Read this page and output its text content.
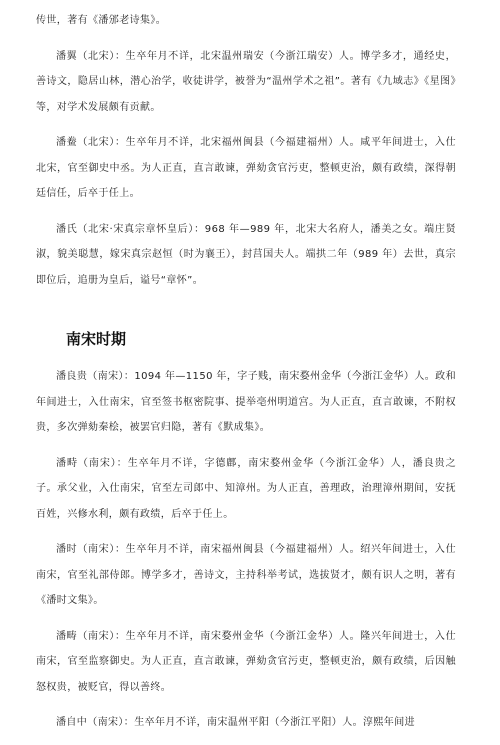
传世，著有《潘邠老诗集》。

潘翼（北宋）：生卒年月不详，北宋温州瑞安（今浙江瑞安）人。博学多才，通经史，善诗文，隐居山林，潜心治学，收徒讲学，被誉为“温州学术之祖”。著有《九域志》《星图》等，对学术发展颇有贡献。

潘鲞（北宋）：生卒年月不详，北宋福州闽县（今福建福州）人。咸平年间进士，入仕北宋，官至御史中丞。为人正直，直言敢谏，弹劾贪官污吏，整顿吏治，颇有政绩，深得朝廷信任，后卒于任上。

潘氏（北宋·宋真宗章怀皇后）：968 年—989 年，北宋大名府人，潘美之女。端庄贤淑，貌美聪慧，嫁宋真宗赵恒（时为襄王），封莒国夫人。端拱二年（989 年）去世，真宗即位后，追册为皇后，谥号“章怀”。

南宋时期

潘良贵（南宋）：1094 年—1150 年，字子贱，南宋婺州金华（今浙江金华）人。政和年间进士，入仕南宋，官至签书枢密院事、提举亳州明道宫。为人正直，直言敢谏，不附权贵，多次弹劾秦桧，被罢官归隐，著有《默成集》。

潘畤（南宋）：生卒年月不详，字德鄜，南宋婺州金华（今浙江金华）人，潘良贵之子。承父业，入仕南宋，官至左司郎中、知漳州。为人正直，善理政，治理漳州期间，安抚百姓，兴修水利，颇有政绩，后卒于任上。

潘时（南宋）：生卒年月不详，南宋福州闽县（今福建福州）人。绍兴年间进士，入仕南宋，官至礼部侍郎。博学多才，善诗文，主持科举考试，选拔贤才，颇有识人之明，著有《潘时文集》。

潘畴（南宋）：生卒年月不详，南宋婺州金华（今浙江金华）人。隆兴年间进士，入仕南宋，官至监察御史。为人正直，直言敢谏，弹劾贪官污吏，整顿吏治，颇有政绩，后因触怒权贵，被贬官，得以善终。

潘自中（南宋）：生卒年月不详，南宋温州平阳（今浙江平阳）人。淳熙年间进
